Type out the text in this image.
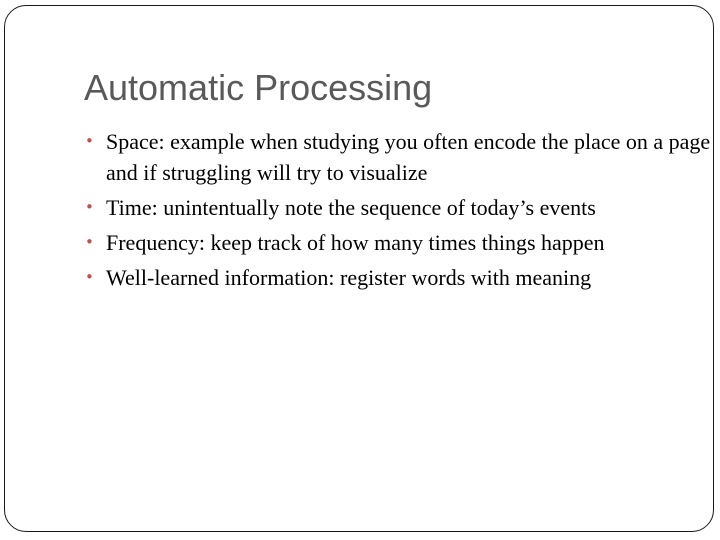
Automatic Processing
• Space: example when studying you often encode the place on a page and if struggling will try to visualize
• Time: unintentually note the sequence of today’s events
• Frequency: keep track of how many times things happen
• Well-learned information: register words with meaning
